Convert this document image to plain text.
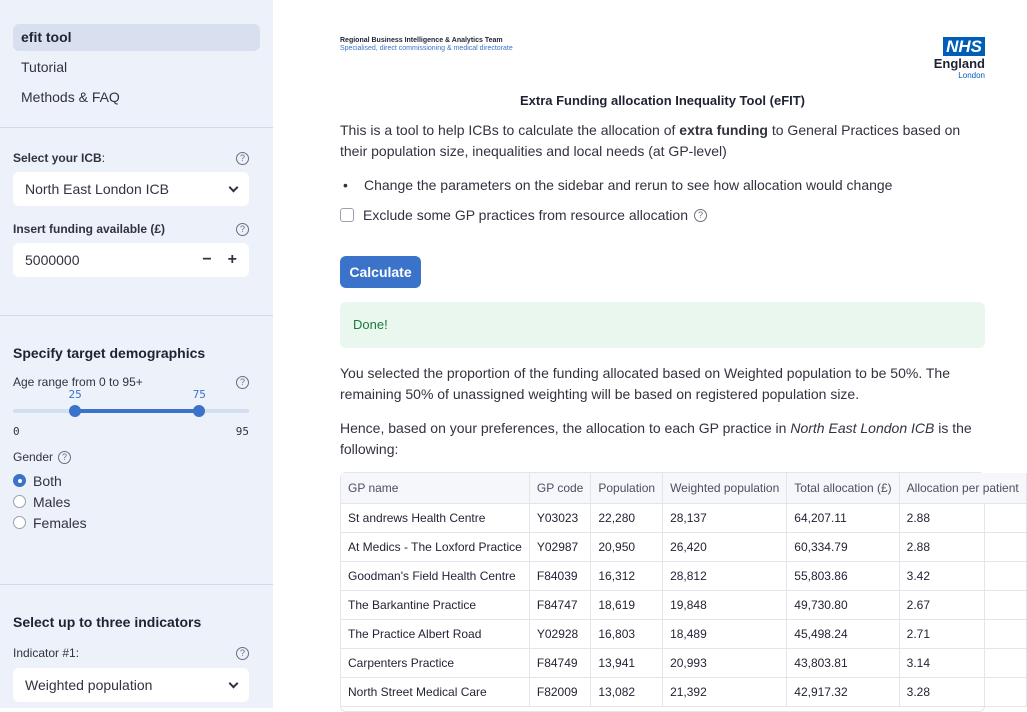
efit tool
Tutorial
Methods & FAQ
Select your ICB:	?
North East London ICB
Insert funding available (£)	?
5000000	− +
Specify target demographics
Age range from 0 to 95+	?
25	75
0	95
Gender ?
Both
Males
Females
Select up to three indicators
Indicator #1:	?
Weighted population
Regional Business Intelligence & Analytics Team
Specialised, direct commissioning & medical directorate	NHS
England
London
Extra Funding allocation Inequality Tool (eFIT)
This is a tool to help ICBs to calculate the allocation of extra funding to General Practices based on their population size, inequalities and local needs (at GP-level)
•	Change the parameters on the sidebar and rerun to see how allocation would change
Exclude some GP practices from resource allocation	?
Calculate
Done!
You selected the proportion of the funding allocated based on Weighted population to be 50%. The remaining 50% of unassigned weighting will be based on registered population size.
Hence, based on your preferences, the allocation to each GP practice in North East London ICB is the following:
GP name	GP code	Population	Weighted population	Total allocation (£)	Allocation per patient
St andrews Health Centre	Y03023	22,280	28,137	64,207.11	2.88
At Medics - The Loxford Practice	Y02987	20,950	26,420	60,334.79	2.88
Goodman's Field Health Centre	F84039	16,312	28,812	55,803.86	3.42
The Barkantine Practice	F84747	18,619	19,848	49,730.80	2.67
The Practice Albert Road	Y02928	16,803	18,489	45,498.24	2.71
Carpenters Practice	F84749	13,941	20,993	43,803.81	3.14
North Street Medical Care	F82009	13,082	21,392	42,917.32	3.28
